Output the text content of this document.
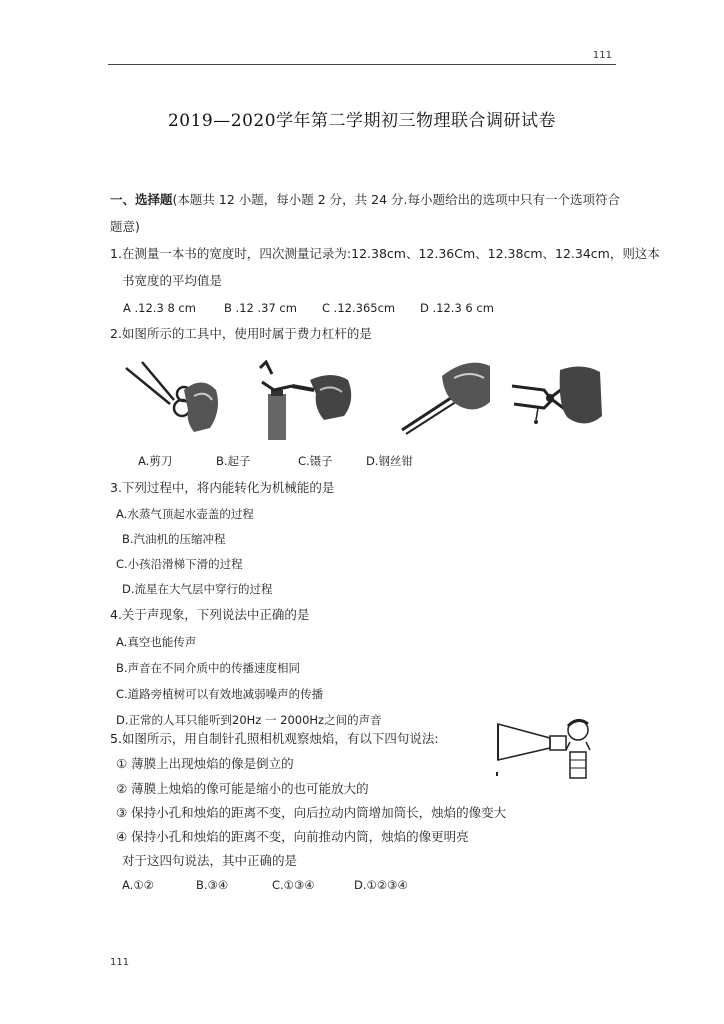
111
2019—2020学年第二学期初三物理联合调研试卷
一、选择题(本题共 12 小题，每小题 2 分，共 24 分.每小题给出的选项中只有一个选项符合
题意)
1.在测量一本书的宽度时，四次测量记录为:12.38cm、12.36Cm、12.38cm、12.34cm，则这本
书宽度的平均值是
A .12.3 8 cm B .12 .37 cm C .12.365cm D .12.3 6 cm
2.如图所示的工具中，使用时属于费力杠杆的是
A.剪刀	B.起子	C.镊子	D.钢丝钳
3.下列过程中，将内能转化为机械能的是
A.水蒸气顶起水壶盖的过程
B.汽油机的压缩冲程
C.小孩沿滑梯下滑的过程
D.流星在大气层中穿行的过程
4.关于声现象，下列说法中正确的是
A.真空也能传声
B.声音在不同介质中的传播速度相同
C.道路旁植树可以有效地减弱噪声的传播
D.正常的人耳只能听到20Hz 一 2000Hz之间的声音
5.如图所示，用自制针孔照相机观察烛焰，有以下四句说法:
① 薄膜上出现烛焰的像是倒立的
② 薄膜上烛焰的像可能是缩小的也可能放大的
③ 保持小孔和烛焰的距离不变，向后拉动内筒增加筒长，烛焰的像变大
④ 保持小孔和烛焰的距离不变，向前推动内筒，烛焰的像更明亮
对于这四句说法，其中正确的是
A.①②	B.③④	C.①③④	D.①②③④
111
